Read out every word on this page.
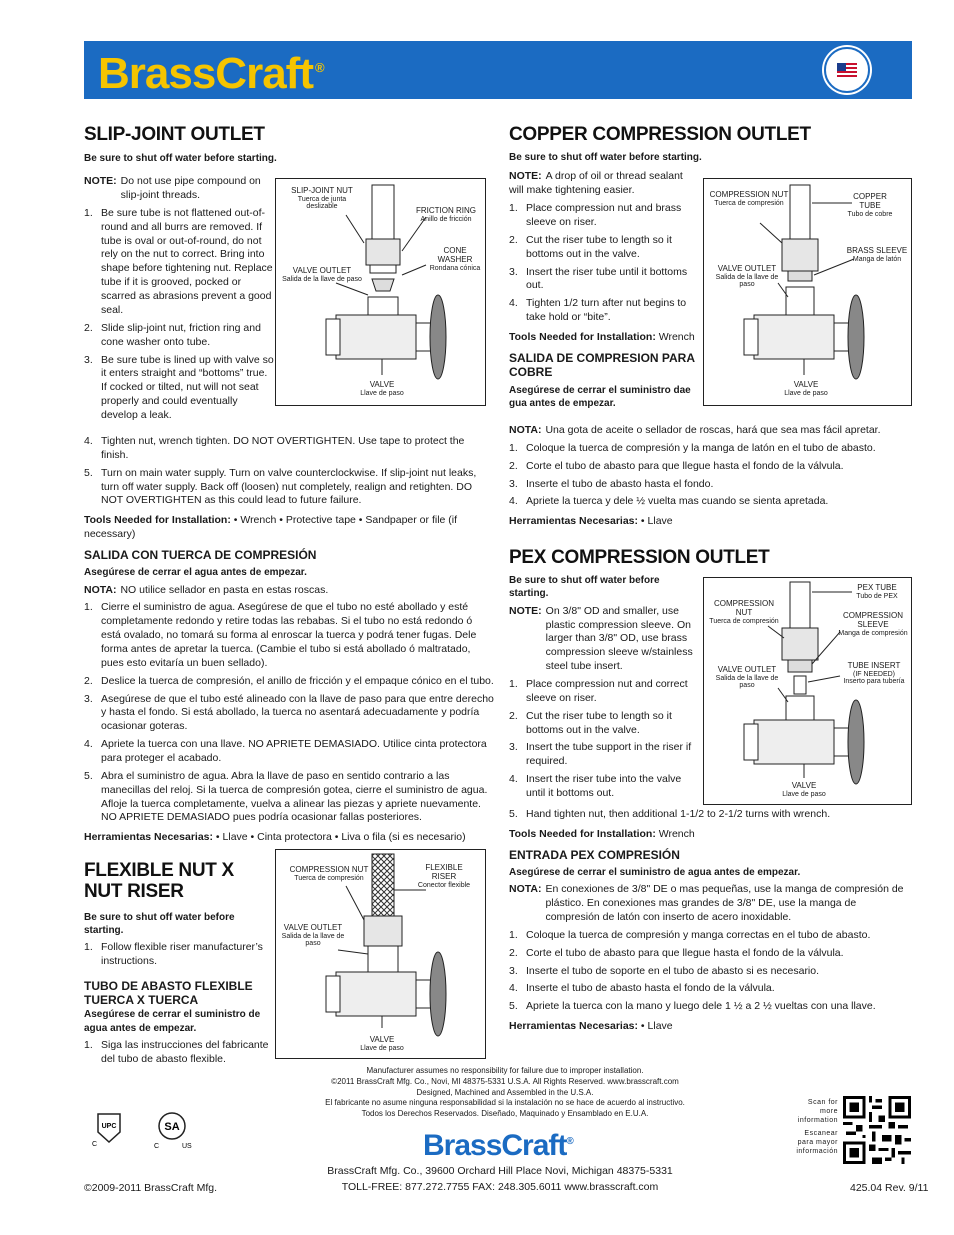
BrassCraft ®
SLIP-JOINT OUTLET
Be sure to shut off water before starting.
NOTE: Do not use pipe compound on slip-joint threads.
1. Be sure tube is not flattened out-of-round and all burrs are removed. If tube is oval or out-of-round, do not rely on the nut to correct. Bring into shape before tightening nut. Replace tube if it is grooved, pocked or scarred as abrasions prevent a good seal.
2. Slide slip-joint nut, friction ring and cone washer onto tube.
3. Be sure tube is lined up with valve so it enters straight and “bottoms” true. If cocked or tilted, nut will not seat properly and could eventually develop a leak.
4. Tighten nut, wrench tighten. DO NOT OVERTIGHTEN. Use tape to protect the finish.
5. Turn on main water supply. Turn on valve counterclockwise. If slip-joint nut leaks, turn off water supply. Back off (loosen) nut completely, realign and retighten. DO NOT OVERTIGHTEN as this could lead to future failure.
Tools Needed for Installation: • Wrench • Protective tape • Sandpaper or file (if necessary)
SALIDA CON TUERCA DE COMPRESIÓN
Asegúrese de cerrar el agua antes de empezar.
NOTA: NO utilice sellador en pasta en estas roscas.
1. Cierre el suministro de agua. Asegúrese de que el tubo no esté abollado y esté completamente redondo y retire todas las rebabas. Si el tubo no está redondo ó está ovalado, no tomará su forma al enroscar la tuerca y podrá tener fugas. Dele forma antes de apretar la tuerca. (Cambie el tubo si está abollado ó maltratado, pues esto evitaría un buen sellado).
2. Deslice la tuerca de compresión, el anillo de fricción y el empaque cónico en el tubo.
3. Asegúrese de que el tubo esté alineado con la llave de paso para que entre derecho y hasta el fondo. Si está abollado, la tuerca no asentará adecuadamente y podría ocasionar goteras.
4. Apriete la tuerca con una llave. NO APRIETE DEMASIADO. Utilice cinta protectora para proteger el acabado.
5. Abra el suministro de agua. Abra la llave de paso en sentido contrario a las manecillas del reloj. Si la tuerca de compresión gotea, cierre el suministro de agua. Afloje la tuerca completamente, vuelva a alinear las piezas y apriete nuevamente. NO APRIETE DEMASIADO pues podría ocasionar fallas posteriores.
Herramientas Necesarias: • Llave • Cinta protectora • Liva o fila (si es necesario)
SLIP-JOINT NUT
Tuerca de junta deslizable	FRICTION RING
Anillo de fricción
CONE WASHER
Rondana cónica
VALVE OUTLET
Salida de la llave de paso
VALVE
Llave de paso
FLEXIBLE NUT X NUT RISER
Be sure to shut off water before starting.
1. Follow flexible riser manufacturer’s instructions.
TUBO DE ABASTO FLEXIBLE TUERCA X TUERCA
Asegúrese de cerrar el suministro de agua antes de empezar.
1. Siga las instrucciones del fabricante del tubo de abasto flexible.
COMPRESSION NUT
Tuerca de compresión
FLEXIBLE RISER
Conector flexible
VALVE OUTLET
Salida de la llave de paso
VALVE
Llave de paso
COPPER COMPRESSION OUTLET
Be sure to shut off water before starting.
NOTE: A drop of oil or thread sealant will make tightening easier.
1. Place compression nut and brass sleeve on riser.
2. Cut the riser tube to length so it bottoms out in the valve.
3. Insert the riser tube until it bottoms out.
4. Tighten 1/2 turn after nut begins to take hold or “bite”.
Tools Needed for Installation: Wrench
SALIDA DE COMPRESION PARA COBRE
Asegúrese de cerrar el suministro dae gua antes de empezar.
NOTA: Una gota de aceite o sellador de roscas, hará que sea mas fácil apretar.
1. Coloque la tuerca de compresión y la manga de latón en el tubo de abasto.
2. Corte el tubo de abasto para que llegue hasta el fondo de la válvula.
3. Inserte el tubo de abasto hasta el fondo.
4. Apriete la tuerca y dele ½ vuelta mas cuando se sienta apretada.
Herramientas Necesarias: • Llave
COMPRESSION NUT
Tuerca de compresión
COPPER TUBE
Tubo de cobre
BRASS SLEEVE
Manga de latón
VALVE OUTLET
Salida de la llave de paso
VALVE
Llave de paso
PEX COMPRESSION OUTLET
Be sure to shut off water before starting.
NOTE: On 3/8" OD and smaller, use plastic compression sleeve. On larger than 3/8" OD, use brass compression sleeve w/stainless steel tube insert.
1. Place compression nut and correct sleeve on riser.
2. Cut the riser tube to length so it bottoms out in the valve.
3. Insert the tube support in the riser if required.
4. Insert the riser tube into the valve until it bottoms out.
5. Hand tighten nut, then additional 1-1/2 to 2-1/2 turns with wrench.
Tools Needed for Installation: Wrench
ENTRADA PEX COMPRESIÓN
Asegúrese de cerrar el suministro de agua antes de empezar.
NOTA: En conexiones de 3/8" DE o mas pequeñas, use la manga de compresión de plástico. En conexiones mas grandes de 3/8" DE, use la manga de compresión de latón con inserto de acero inoxidable.
1. Coloque la tuerca de compresión y manga correctas en el tubo de abasto.
2. Corte el tubo de abasto para que llegue hasta el fondo de la válvula.
3. Inserte el tubo de soporte en el tubo de abasto si es necesario.
4. Inserte el tubo de abasto hasta el fondo de la válvula.
5. Apriete la tuerca con la mano y luego dele 1 ½ a 2 ½ vueltas con una llave.
Herramientas Necesarias: • Llave
PEX TUBE
Tubo de PEX
COMPRESSION NUT
Tuerca de compresión
COMPRESSION SLEEVE
Manga de compresión
TUBE INSERT
(IF NEEDED)
Inserto para tubería
VALVE OUTLET
Salida de la llave de paso
VALVE
Llave de paso
Manufacturer assumes no responsibility for failure due to improper installation.
©2011 BrassCraft Mfg. Co., Novi, MI 48375-5331 U.S.A. All Rights Reserved. www.brasscraft.com
Designed, Machined and Assembled in the U.S.A.
El fabricante no asume ninguna responsabilidad si la instalación no se hace de acuerdo al instructivo.
Todos los Derechos Reservados. Diseñado, Maquinado y Ensamblado en E.U.A.
UPC
C
SA
C	US	BrassCraft®
BrassCraft Mfg. Co., 39600 Orchard Hill Place Novi, Michigan 48375-5331
TOLL-FREE: 877.272.7755 FAX: 248.305.6011 www.brasscraft.com
©2009-2011 BrassCraft Mfg.	425.04 Rev. 9/11
Scan for more information
Escanear para mayor información
